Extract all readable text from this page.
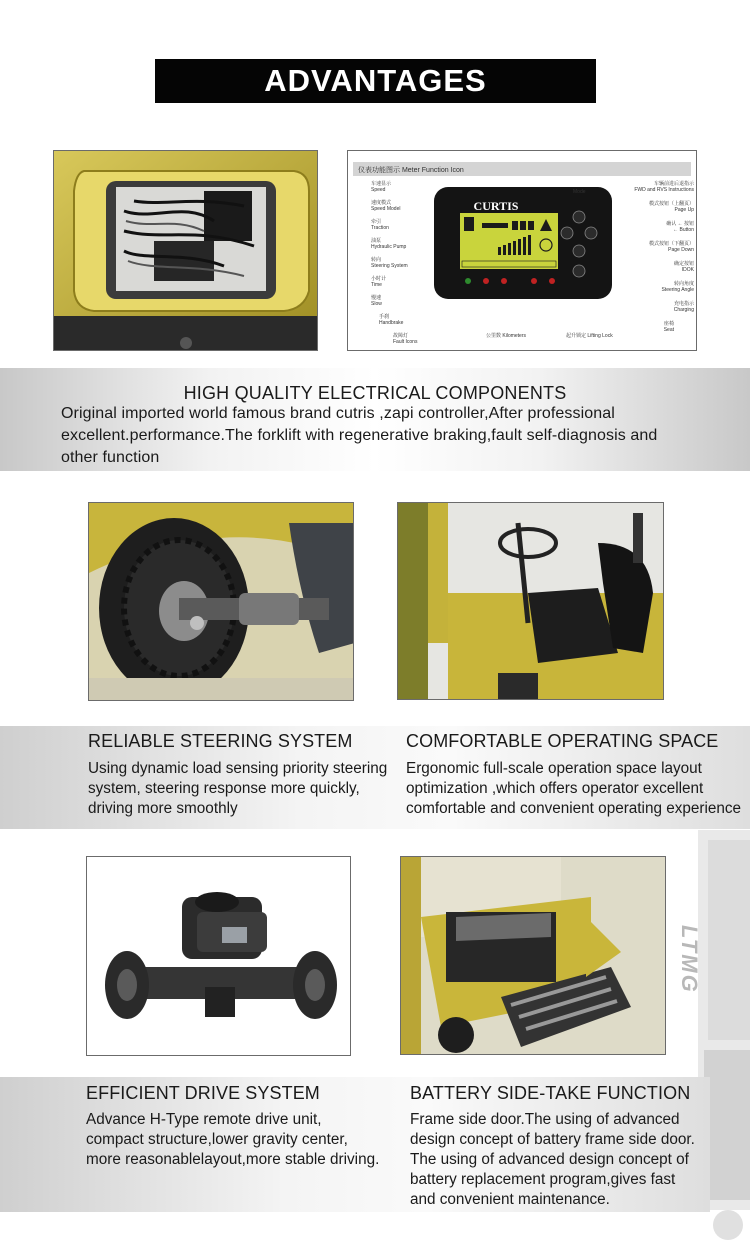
ADVANTAGES
仪表功能图示 Meter Function Icon
CURTIS
Mode
车速显示
Speed
速度模式
Speed Model
牵引
Traction
油泵
Hydraulic Pump
转向
Steering System
小时计
Time
慢速
Slow
手刹
Handbrake
故障灯
Fault Icons
车辆前进后退指示
FWD and RVS Instructions
模式按钮（上翻页）
Page Up
确认 ← 按钮
← Button
模式按钮（下翻页）
Page Down
确定按钮
IDOK
转向角度
Steering Angle
充电指示
Charging
座椅
Seat
起升锁定 Lifting Lock
公里数 Kilometers
HIGH QUALITY ELECTRICAL COMPONENTS
Original imported world famous brand cutris ,zapi controller,After professional
excellent.performance.The forklift with regenerative braking,fault self-diagnosis and
other function
RELIABLE STEERING SYSTEM
Using dynamic load sensing priority steering
system, steering response more quickly,
driving more smoothly
COMFORTABLE OPERATING SPACE
Ergonomic full-scale operation space layout
optimization ,which offers operator excellent
comfortable and convenient operating experience
LTMG
EFFICIENT DRIVE SYSTEM
Advance H-Type remote drive unit,
compact structure,lower gravity center,
more reasonablelayout,more stable driving.
BATTERY SIDE-TAKE FUNCTION
Frame side door.The using of advanced
design concept of battery frame side door.
The using of advanced design concept of
battery replacement program,gives fast
and convenient maintenance.
